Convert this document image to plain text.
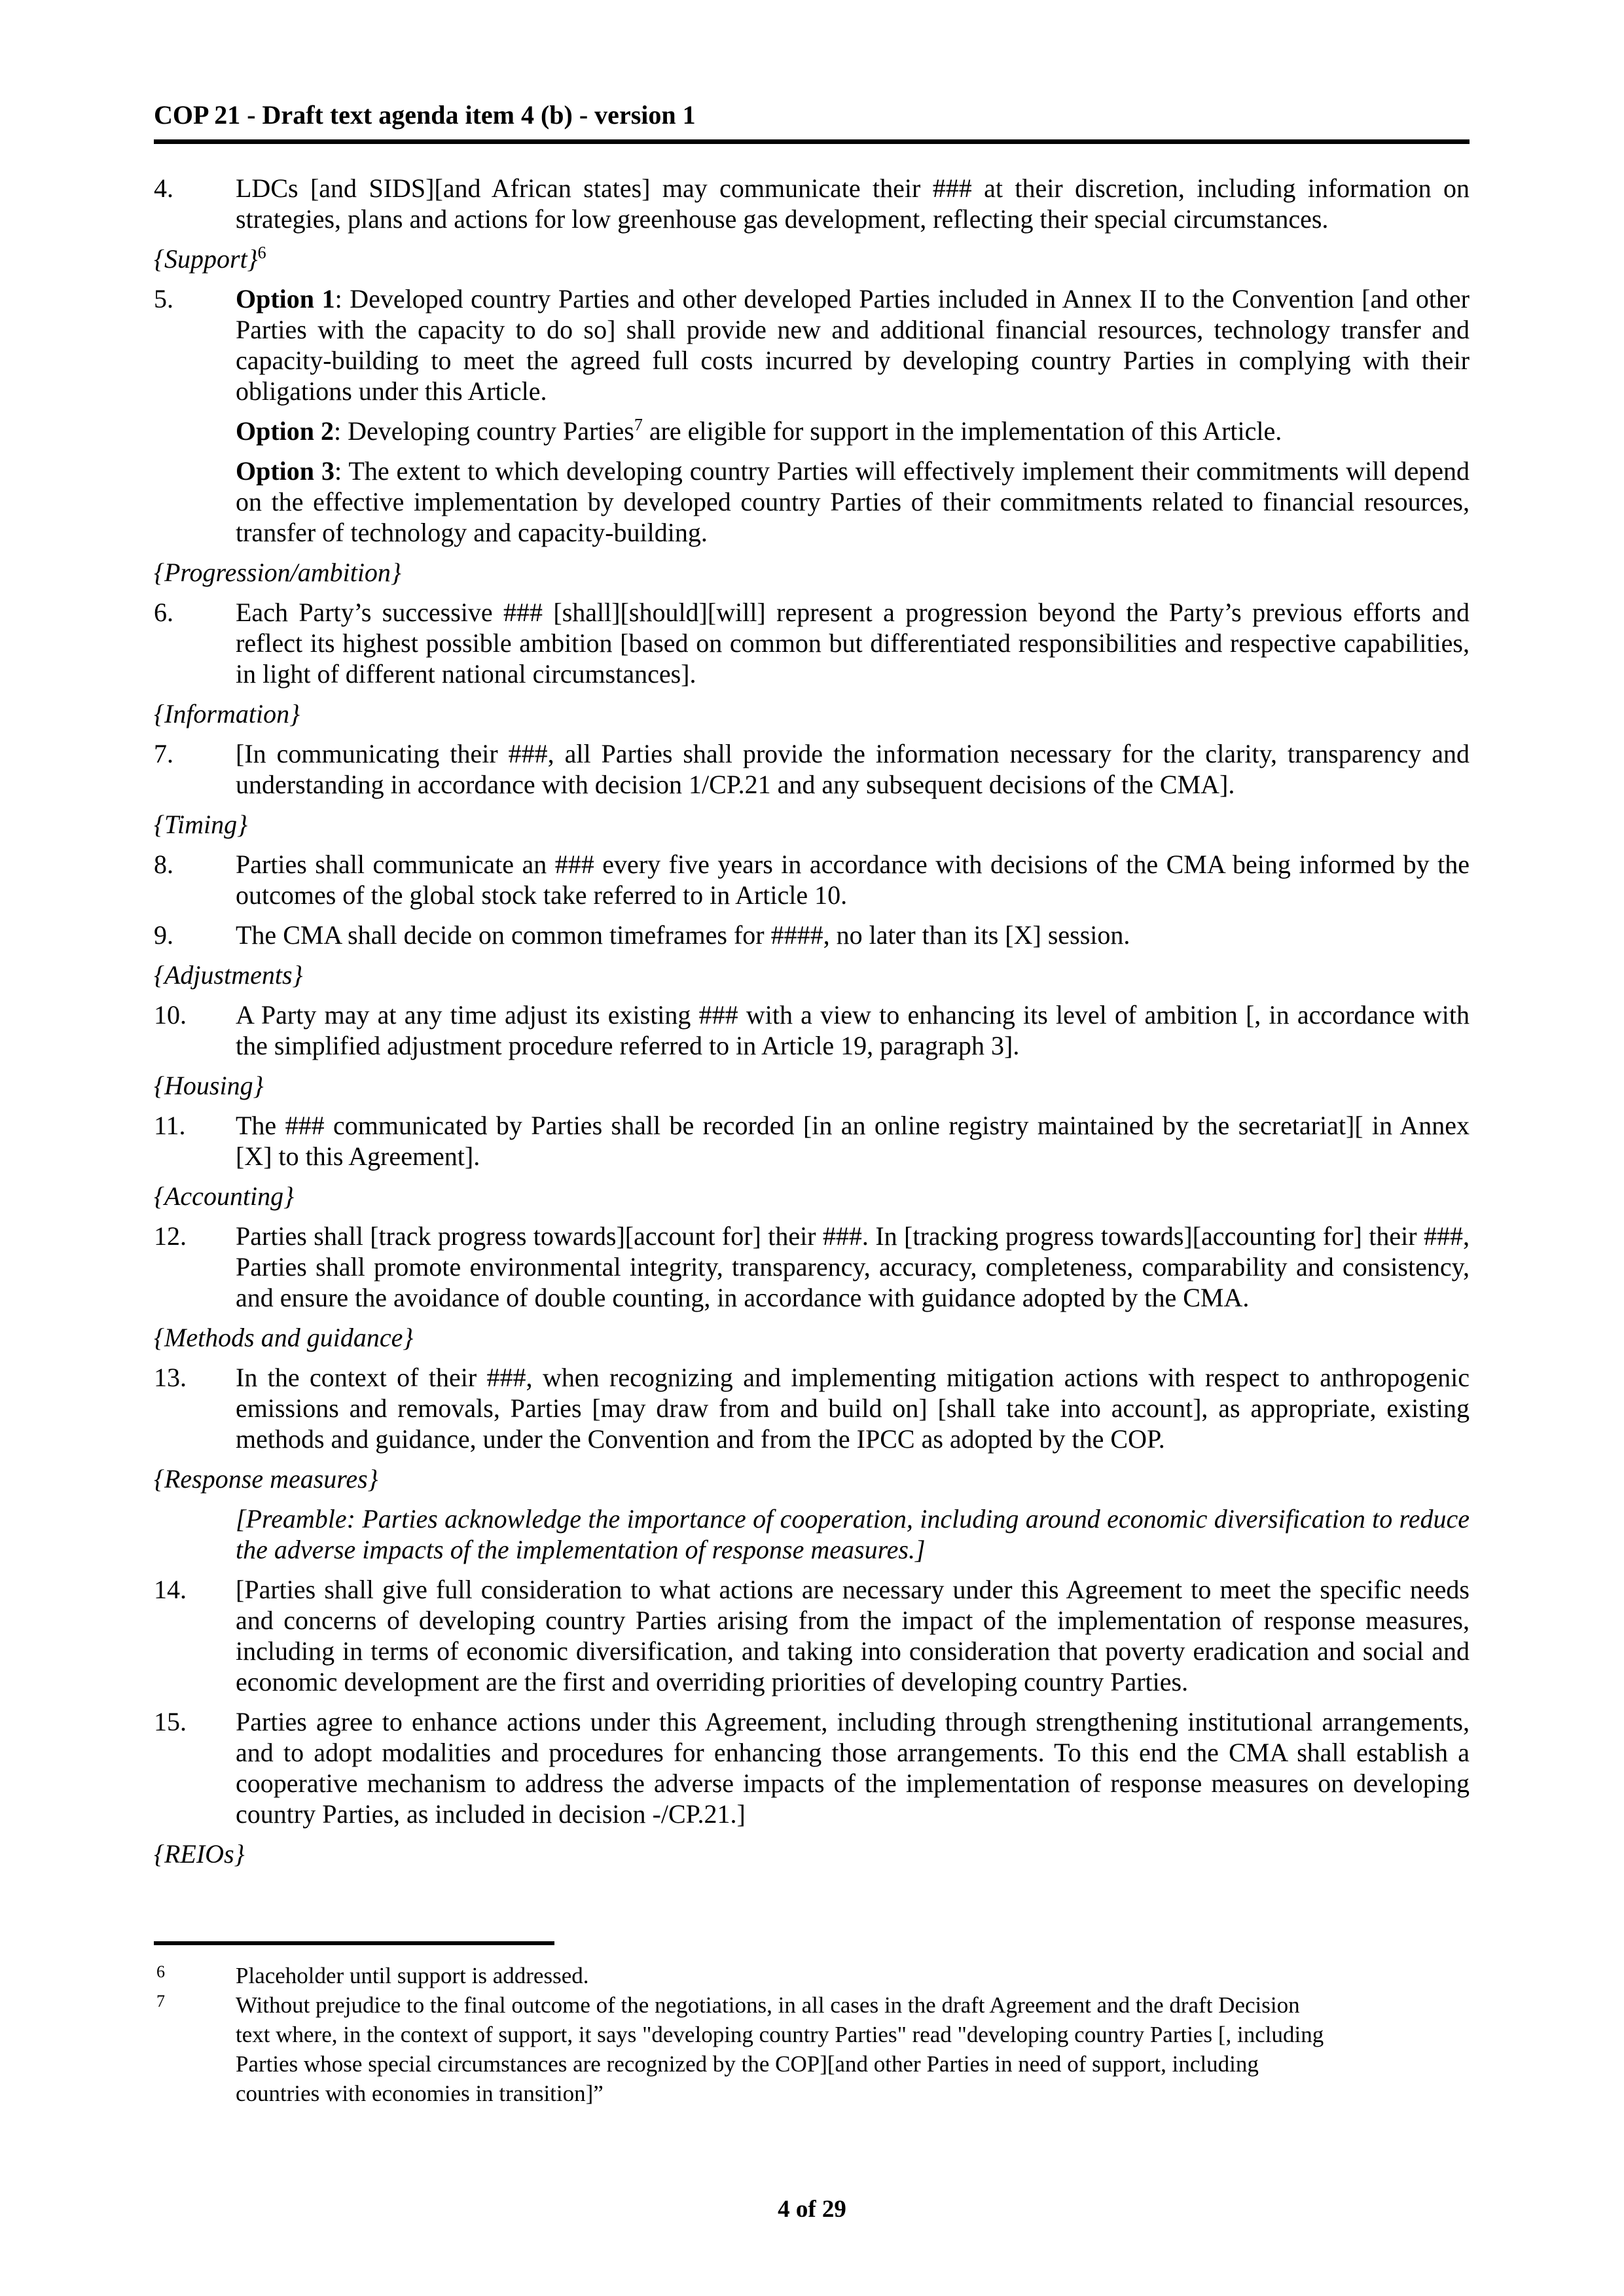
COP 21 - Draft text agenda item 4 (b) - version 1
4. LDCs [and SIDS][and African states] may communicate their ### at their discretion, including information on strategies, plans and actions for low greenhouse gas development, reflecting their special circumstances.
{Support}$^6$
5. Option 1: Developed country Parties and other developed Parties included in Annex II to the Convention [and other Parties with the capacity to do so] shall provide new and additional financial resources, technology transfer and capacity-building to meet the agreed full costs incurred by developing country Parties in complying with their obligations under this Article.
Option 2: Developing country Parties$^7$ are eligible for support in the implementation of this Article.
Option 3: The extent to which developing country Parties will effectively implement their commitments will depend on the effective implementation by developed country Parties of their commitments related to financial resources, transfer of technology and capacity-building.
{Progression/ambition}
6. Each Party’s successive ### [shall][should][will] represent a progression beyond the Party’s previous efforts and reflect its highest possible ambition [based on common but differentiated responsibilities and respective capabilities, in light of different national circumstances].
{Information}
7. [In communicating their ###, all Parties shall provide the information necessary for the clarity, transparency and understanding in accordance with decision 1/CP.21 and any subsequent decisions of the CMA].
{Timing}
8. Parties shall communicate an ### every five years in accordance with decisions of the CMA being informed by the outcomes of the global stock take referred to in Article 10.
9. The CMA shall decide on common timeframes for ####, no later than its [X] session.
{Adjustments}
10. A Party may at any time adjust its existing ### with a view to enhancing its level of ambition [, in accordance with the simplified adjustment procedure referred to in Article 19, paragraph 3].
{Housing}
11. The ### communicated by Parties shall be recorded [in an online registry maintained by the secretariat][ in Annex [X] to this Agreement].
{Accounting}
12. Parties shall [track progress towards][account for] their ###. In [tracking progress towards][accounting for] their ###, Parties shall promote environmental integrity, transparency, accuracy, completeness, comparability and consistency, and ensure the avoidance of double counting, in accordance with guidance adopted by the CMA.
{Methods and guidance}
13. In the context of their ###, when recognizing and implementing mitigation actions with respect to anthropogenic emissions and removals, Parties [may draw from and build on] [shall take into account], as appropriate, existing methods and guidance, under the Convention and from the IPCC as adopted by the COP.
{Response measures}
[Preamble: Parties acknowledge the importance of cooperation, including around economic diversification to reduce the adverse impacts of the implementation of response measures.]
14. [Parties shall give full consideration to what actions are necessary under this Agreement to meet the specific needs and concerns of developing country Parties arising from the impact of the implementation of response measures, including in terms of economic diversification, and taking into consideration that poverty eradication and social and economic development are the first and overriding priorities of developing country Parties.
15. Parties agree to enhance actions under this Agreement, including through strengthening institutional arrangements, and to adopt modalities and procedures for enhancing those arrangements. To this end the CMA shall establish a cooperative mechanism to address the adverse impacts of the implementation of response measures on developing country Parties, as included in decision -/CP.21.]
{REIOs}
6	Placeholder until support is addressed.
7	Without prejudice to the final outcome of the negotiations, in all cases in the draft Agreement and the draft Decision text where, in the context of support, it says "developing country Parties" read "developing country Parties [, including Parties whose special circumstances are recognized by the COP][and other Parties in need of support, including countries with economies in transition]”
4 of 29
